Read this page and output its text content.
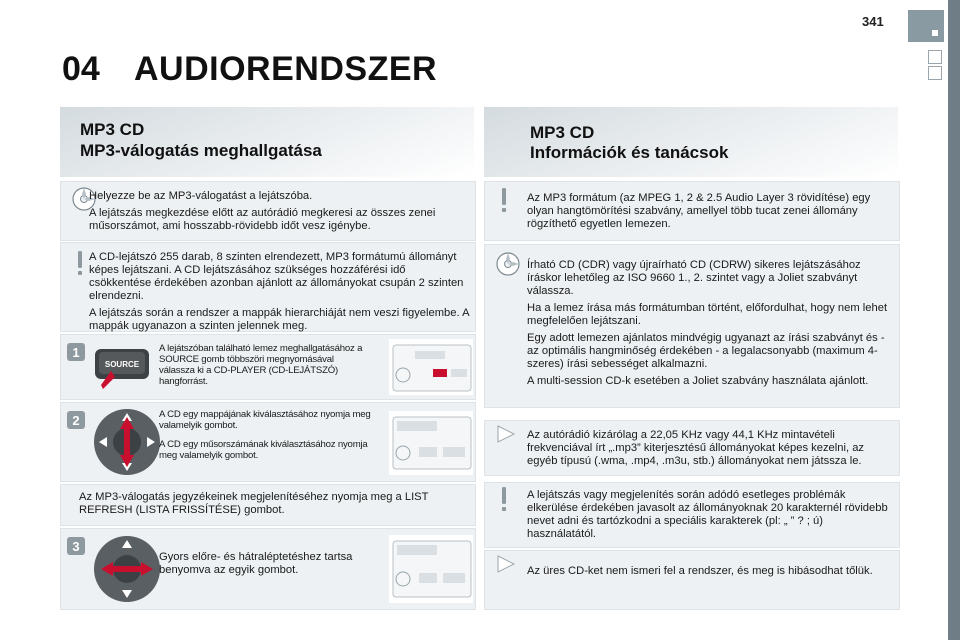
341
04 AUDIORENDSZER
MP3 CD
MP3-válogatás meghallgatása

Helyezze be az MP3-válogatást a lejátszóba.

A lejátszás megkezdése előtt az autórádió megkeresi az összes zenei műsorszámot, ami hosszabb-rövidebb időt vesz igénybe.

A CD-lejátszó 255 darab, 8 szinten elrendezett, MP3 formátumú állományt képes lejátszani. A CD lejátszásához szükséges hozzáférési idő csökkentése érdekében azonban ajánlott az állományokat csupán 2 szinten elrendezni.

A lejátszás során a rendszer a mappák hierarchiáját nem veszi figyelembe. A mappák ugyanazon a szinten jelennek meg.

1
SOURCE

A lejátszóban található lemez meghallgatásához a SOURCE gomb többszöri megnyomásával válassza ki a CD-PLAYER (CD-LEJÁTSZÓ) hangforrást.

2	A CD egy mappájának kiválasztásához nyomja meg valamelyik gombot.

A CD egy műsorszámának kiválasztásához nyomja meg valamelyik gombot.

Az MP3-válogatás jegyzékeinek megjelenítéséhez nyomja meg a LIST REFRESH (LISTA FRISSÍTÉSE) gombot.

3

Gyors előre- és hátraléptetéshez tartsa benyomva az egyik gombot.

MP3 CD
Információk és tanácsok

Az MP3 formátum (az MPEG 1, 2 & 2.5 Audio Layer 3 rövidítése) egy olyan hangtömörítési szabvány, amellyel több tucat zenei állomány rögzíthető egyetlen lemezen.

Írható CD (CDR) vagy újraírható CD (CDRW) sikeres lejátszásához íráskor lehetőleg az ISO 9660 1., 2. szintet vagy a Joliet szabványt válassza.

Ha a lemez írása más formátumban történt, előfordulhat, hogy nem lehet megfelelően lejátszani.

Egy adott lemezen ajánlatos mindvégig ugyanazt az írási szabványt és - az optimális hangminőség érdekében - a legalacsonyabb (maximum 4-szeres) írási sebességet alkalmazni.

A multi-session CD-k esetében a Joliet szabvány használata ajánlott.

Az autórádió kizárólag a 22,05 KHz vagy 44,1 KHz mintavételi frekvenciával írt „.mp3” kiterjesztésű állományokat képes kezelni, az egyéb típusú (.wma, .mp4, .m3u, stb.) állományokat nem játssza le.

A lejátszás vagy megjelenítés során adódó esetleges problémák elkerülése érdekében javasolt az állományoknak 20 karakternél rövidebb nevet adni és tartózkodni a speciális karakterek (pl: „ ” ? ; ú) használatától.

Az üres CD-ket nem ismeri fel a rendszer, és meg is hibásodhat tőlük.
